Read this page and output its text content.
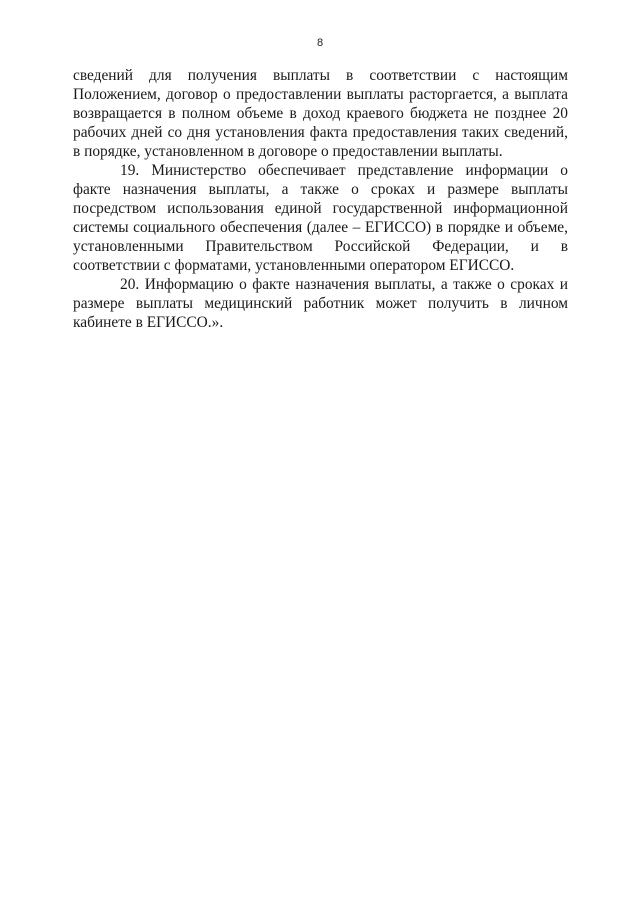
8

сведений для получения выплаты в соответствии с настоящим Положением, договор о предоставлении выплаты расторгается, а выплата возвращается в полном объеме в доход краевого бюджета не позднее 20 рабочих дней со дня установления факта предоставления таких сведений, в порядке, установленном в договоре о предоставлении выплаты.

19. Министерство обеспечивает представление информации о факте назначения выплаты, а также о сроках и размере выплаты посредством использования единой государственной информационной системы социального обеспечения (далее – ЕГИССО) в порядке и объеме, установленными Правительством Российской Федерации, и в соответствии с форматами, установленными оператором ЕГИССО.

20. Информацию о факте назначения выплаты, а также о сроках и размере выплаты медицинский работник может получить в личном кабинете в ЕГИССО.».
